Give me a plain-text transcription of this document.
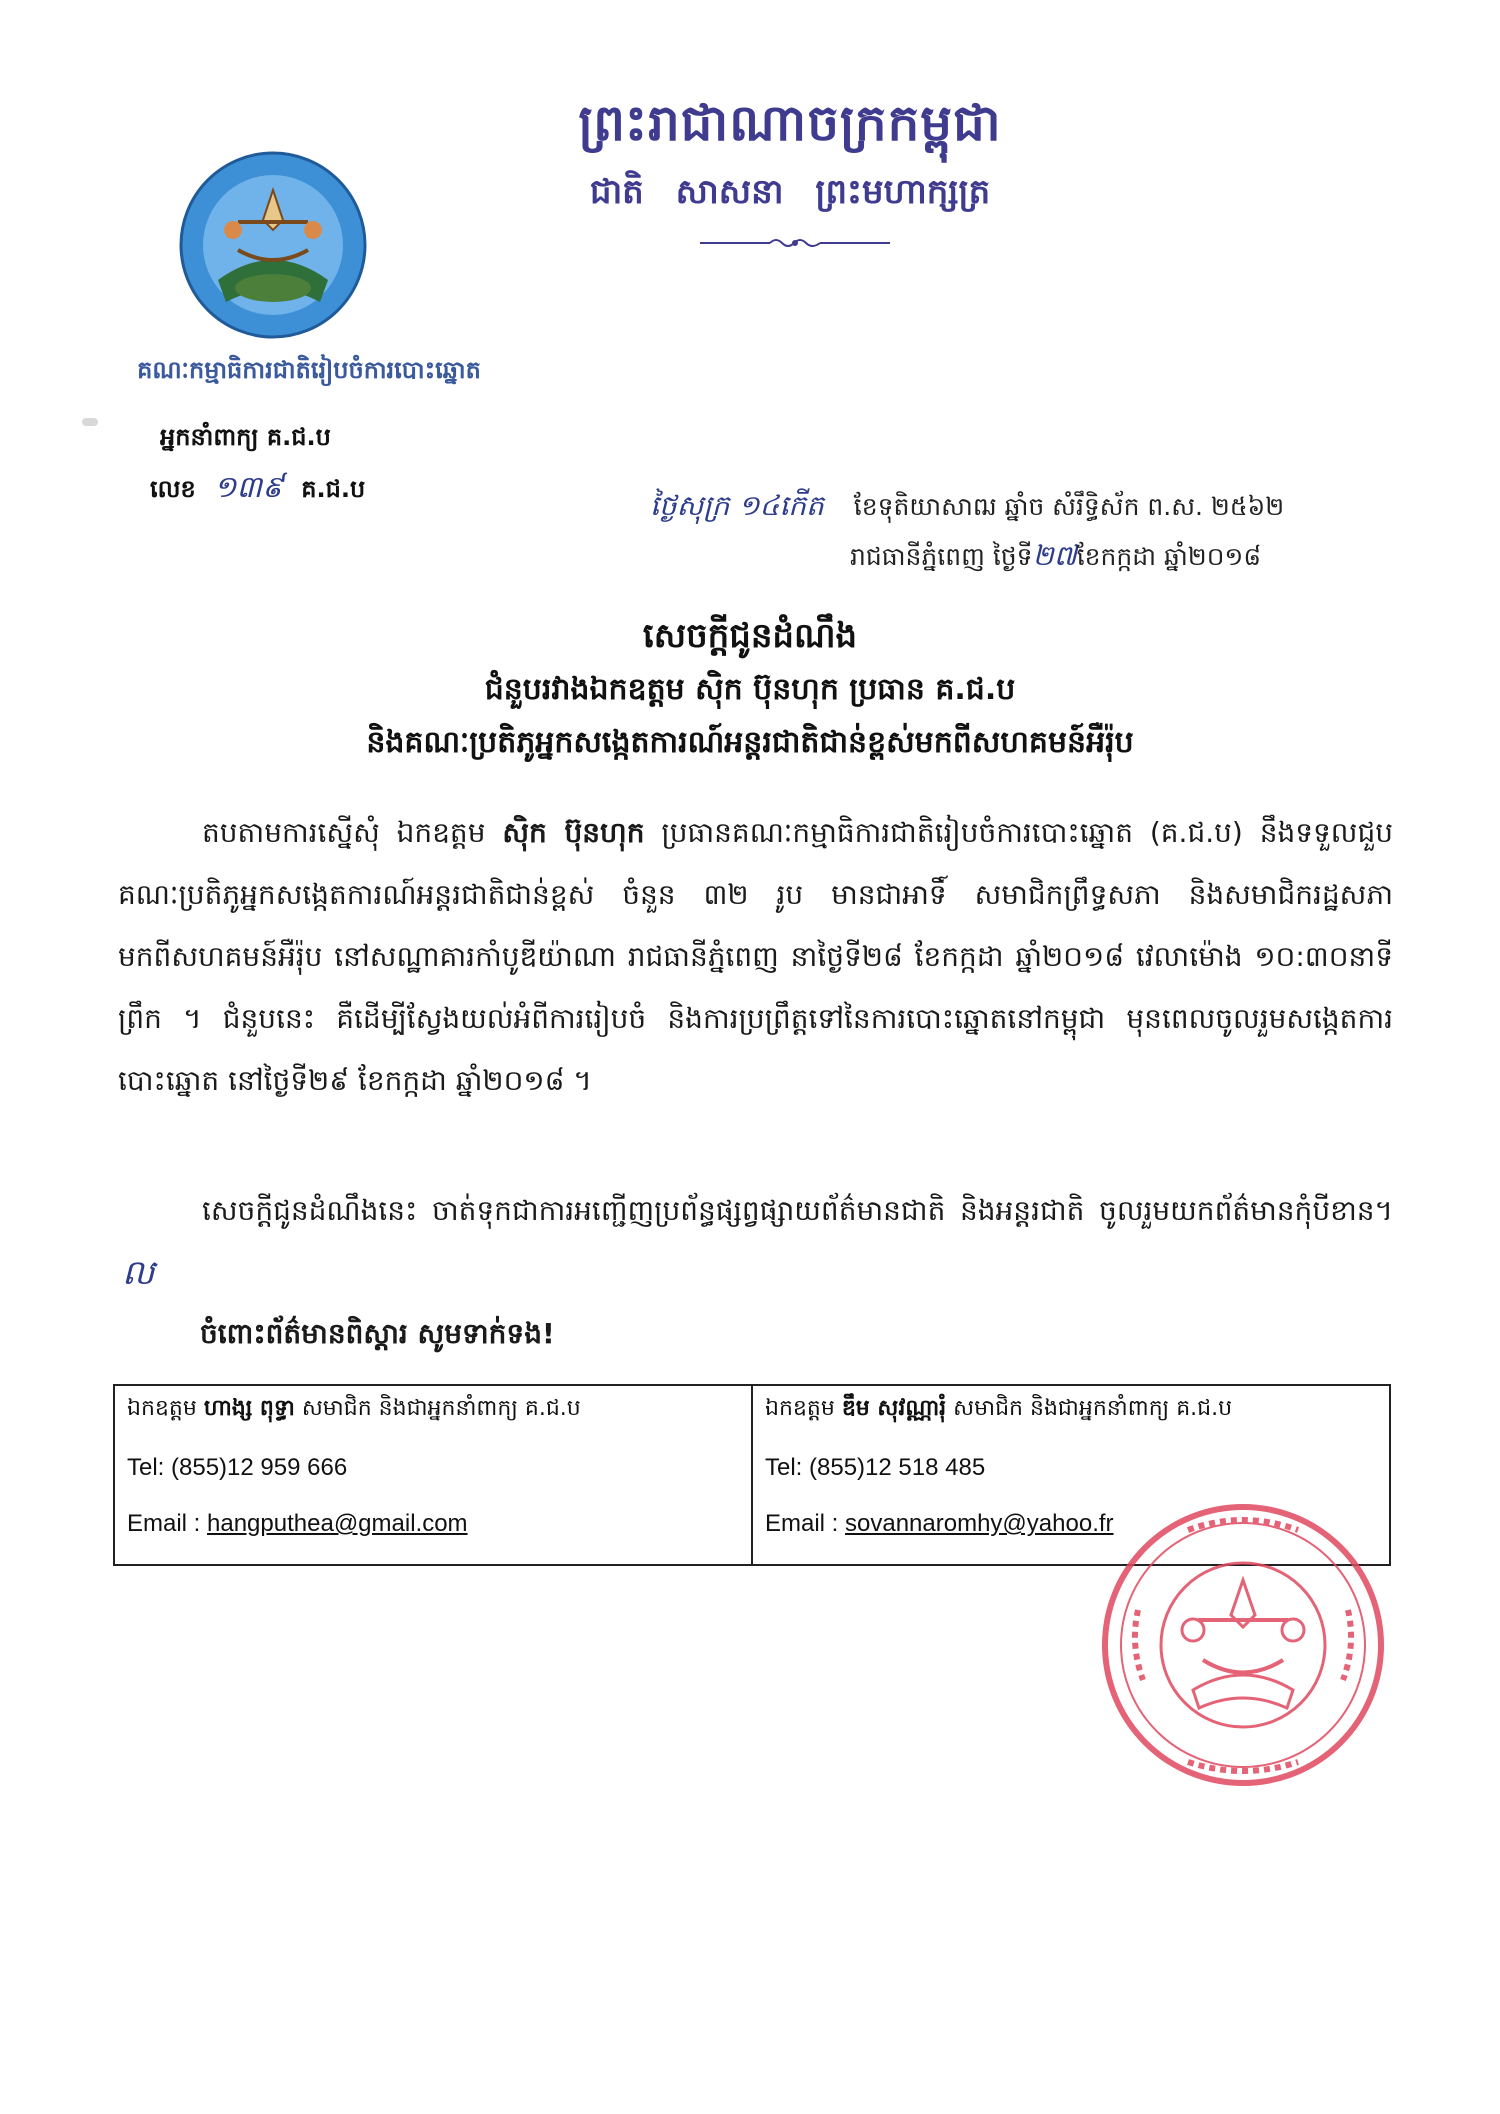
ព្រះរាជាណាចក្រកម្ពុជា
ជាតិ សាសនា ព្រះមហាក្សត្រ
គណៈកម្មាធិការជាតិរៀបចំការបោះឆ្នោត
អ្នកនាំពាក្យ គ.ជ.ប
លេខ ១៣៩ គ.ជ.ប	ថ្ងៃសុក្រ ១៤កើត ខែទុតិយាសាឍ ឆ្នាំច សំរឹទ្ធិស័ក ព.ស. ២៥៦២
រាជធានីភ្នំពេញ ថ្ងៃទី២៧ខែកក្កដា ឆ្នាំ២០១៨
សេចក្តីជូនដំណឹង
ជំនួបរវាងឯកឧត្តម សុិក ប៊ុនហុក ប្រធាន គ.ជ.ប
និងគណៈប្រតិភូអ្នកសង្កេតការណ៍អន្តរជាតិជាន់ខ្ពស់មកពីសហគមន៍អឺរ៉ុប
តបតាមការស្នើសុំ ឯកឧត្តម សុិក ប៊ុនហុក ប្រធានគណៈកម្មាធិការជាតិរៀបចំការបោះឆ្នោត (គ.ជ.ប) នឹងទទួលជួបគណៈប្រតិភូអ្នកសង្កេតការណ៍អន្តរជាតិជាន់ខ្ពស់ ចំនួន ៣២ រូប មានជាអាទិ៍ សមាជិកព្រឹទ្ធសភា និងសមាជិករដ្ឋសភា មកពីសហគមន៍អឺរ៉ុប នៅសណ្ឋាគារកាំបូឌីយ៉ាណា រាជធានីភ្នំពេញ នាថ្ងៃទី២៨ ខែកក្កដា ឆ្នាំ២០១៨ វេលាម៉ោង ១០:៣០នាទីព្រឹក ។ ជំនួបនេះ គឺដើម្បីស្វែងយល់អំពីការរៀបចំ និងការប្រព្រឹត្តទៅនៃការបោះឆ្នោតនៅកម្ពុជា មុនពេលចូលរួមសង្កេតការបោះឆ្នោត នៅថ្ងៃទី២៩ ខែកក្កដា ឆ្នាំ២០១៨ ។
សេចក្តីជូនដំណឹងនេះ ចាត់ទុកជាការអញ្ជើញប្រព័ន្ធផ្សព្វផ្សាយព័ត៌មានជាតិ និងអន្តរជាតិ ចូលរួមយកព័ត៌មានកុំបីខាន។ល
ចំពោះព័ត៌មានពិស្តារ សូមទាក់ទង!
ឯកឧត្តម ហាង្ស ពុទ្ធា សមាជិក និងជាអ្នកនាំពាក្យ គ.ជ.ប
Tel: (855)12 959 666
Email : hangputhea@gmail.com
ឯកឧត្តម ឌឹម សុវណ្ណារុំ សមាជិក និងជាអ្នកនាំពាក្យ គ.ជ.ប
Tel: (855)12 518 485
Email : sovannaromhy@yahoo.fr
